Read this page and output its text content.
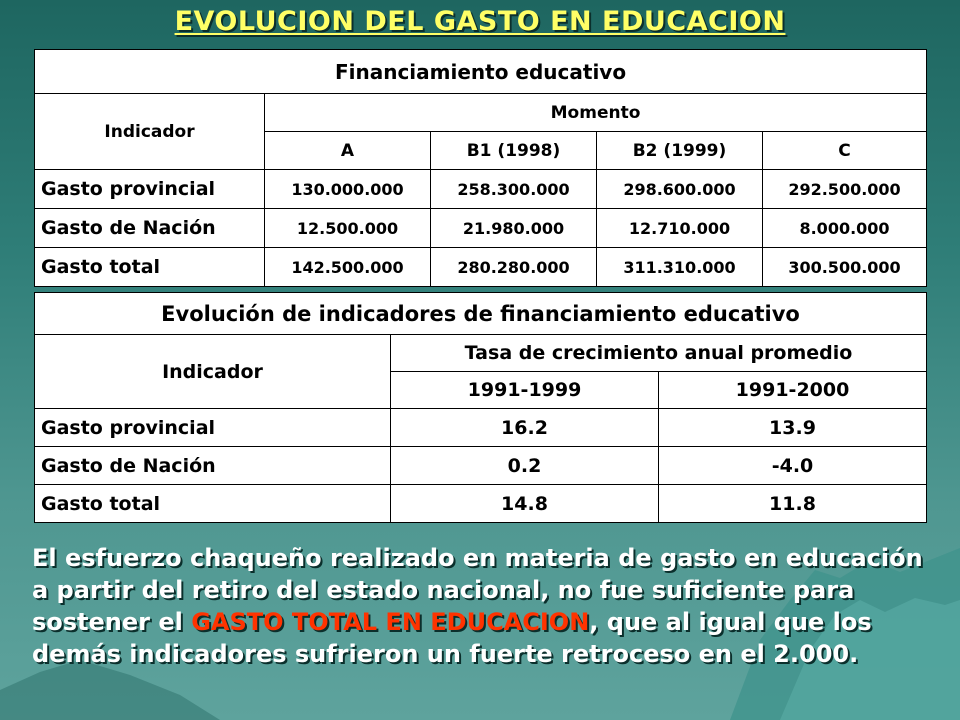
EVOLUCION DEL GASTO EN EDUCACION
Financiamiento educativo				
Indicador	Momento			
	A	B1 (1998)	B2 (1999)	C
Gasto provincial	130.000.000	258.300.000	298.600.000	292.500.000
Gasto de Nación	12.500.000	21.980.000	12.710.000	8.000.000
Gasto total	142.500.000	280.280.000	311.310.000	300.500.000
Evolución de indicadores de financiamiento educativo		
Indicador	Tasa de crecimiento anual promedio	
	1991-1999	1991-2000
Gasto provincial	16.2	13.9
Gasto de Nación	0.2	-4.0
Gasto total	14.8	11.8
El esfuerzo chaqueño realizado en materia de gasto en educación a partir del retiro del estado nacional, no fue suficiente para sostener el GASTO TOTAL EN EDUCACION, que al igual que los demás indicadores sufrieron un fuerte retroceso en el 2.000.
